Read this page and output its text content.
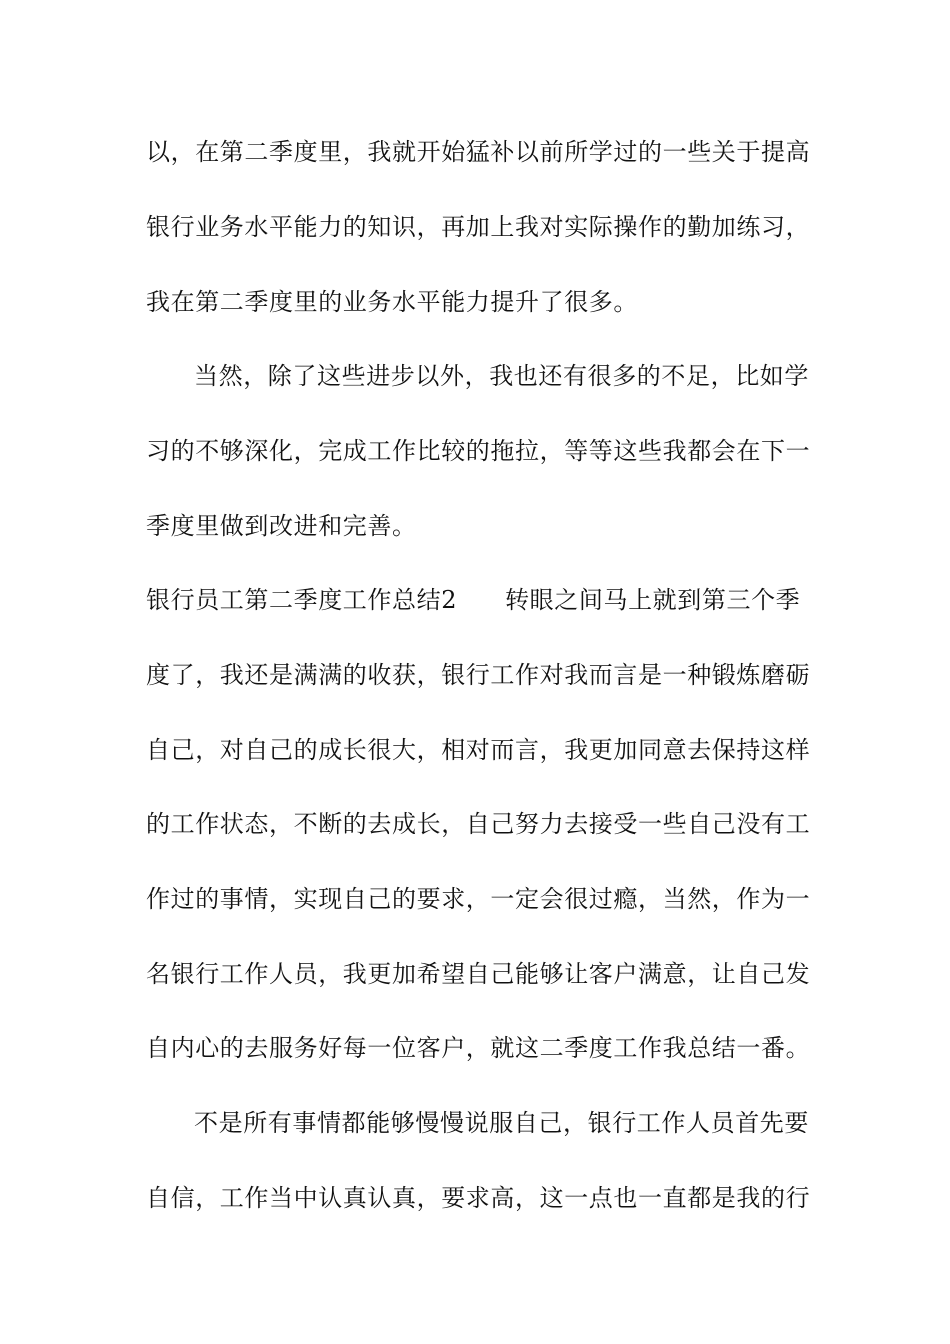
以，在第二季度里，我就开始猛补以前所学过的一些关于提高
银行业务水平能力的知识，再加上我对实际操作的勤加练习，
我在第二季度里的业务水平能力提升了很多。
当然，除了这些进步以外，我也还有很多的不足，比如学
习的不够深化，完成工作比较的拖拉，等等这些我都会在下一
季度里做到改进和完善。
银行员工第二季度工作总结2 转眼之间马上就到第三个季
度了，我还是满满的收获，银行工作对我而言是一种锻炼磨砺
自己，对自己的成长很大，相对而言，我更加同意去保持这样
的工作状态，不断的去成长，自己努力去接受一些自己没有工
作过的事情，实现自己的要求，一定会很过瘾，当然，作为一
名银行工作人员，我更加希望自己能够让客户满意，让自己发
自内心的去服务好每一位客户，就这二季度工作我总结一番。
不是所有事情都能够慢慢说服自己，银行工作人员首先要
自信，工作当中认真认真，要求高，这一点也一直都是我的行
